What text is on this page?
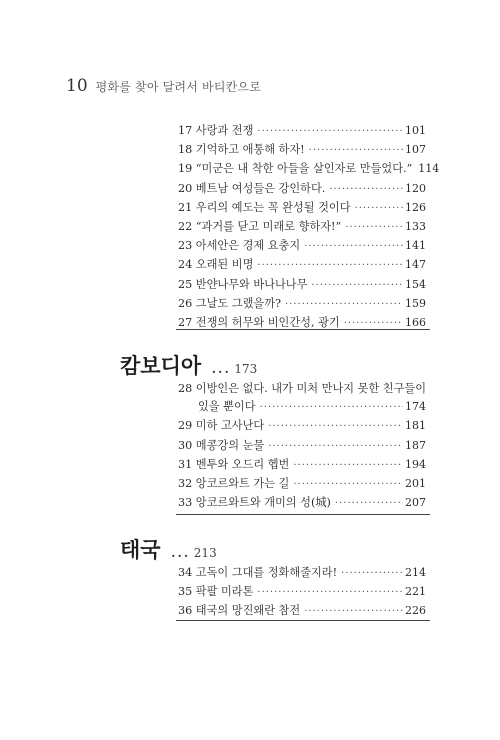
10 평화를 찾아 달려서 바티칸으로
17 사랑과 전쟁 ·····	101
18 기억하고 애통해 하자! ·····	107
19 “미군은 내 착한 아들을 살인자로 만들었다.” 114
20 베트남 여성들은 강인하다. ·····	120
21 우리의 예도는 꼭 완성될 것이다 ·····	126
22 “과거를 닫고 미래로 향하자!” ·····	133
23 아세안은 경제 요충지 ·····	141
24 오래된 비명 ·····	147
25 반얀나무와 바나나나무 ·····	154
26 그날도 그랬을까? ·····	159
27 전쟁의 허무와 비인간성, 광기 ·····	166
캄보디아 ... 173
28 이방인은 없다. 내가 미처 만나지 못한 친구들이
있을 뿐이다 ·····	174
29 미하 고사난다 ·····	181
30 메콩강의 눈물 ·····	187
31 벤투와 오드리 헵번 ·····	194
32 앙코르와트 가는 길 ·····	201
33 앙코르와트와 개미의 성(城) ·····	207
태국 ... 213
34 고독이 그대를 정화해줄지라! ·····	214
35 팍팔 미라톤 ·····	221
36 태국의 망진왜란 참전 ·····	226
